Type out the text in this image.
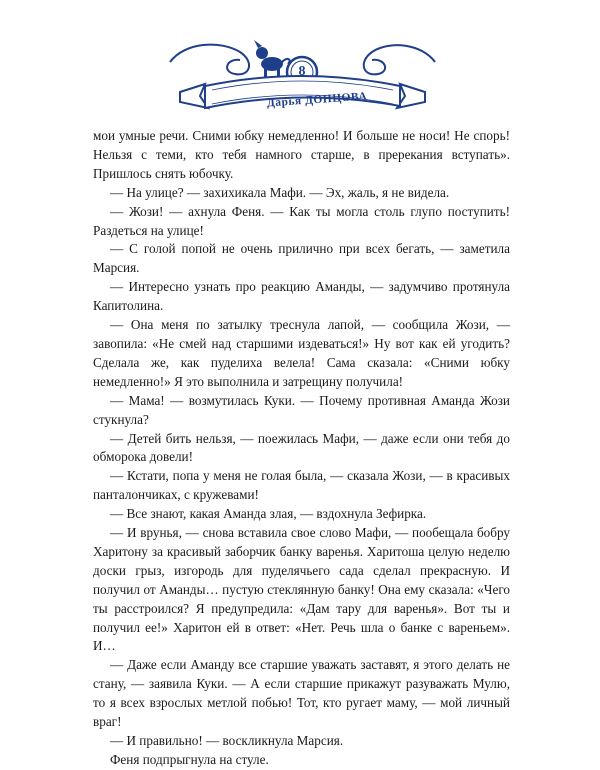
8
Дарья ДОНЦОВА

мои умные речи. Сними юбку немедленно! И больше не носи! Не спорь! Нельзя с теми, кто тебя намного старше, в пререкания вступать». Пришлось снять юбочку.

— На улице? — захихикала Мафи. — Эх, жаль, я не видела.

— Жози! — ахнула Феня. — Как ты могла столь глупо поступить! Раздеться на улице!

— С голой попой не очень прилично при всех бегать, — заметила Марсия.

— Интересно узнать про реакцию Аманды, — задумчиво протянула Капитолина.

— Она меня по затылку треснула лапой, — сообщила Жози, — завопила: «Не смей над старшими издеваться!» Ну вот как ей угодить? Сделала же, как пуделиха велела! Сама сказала: «Сними юбку немедленно!» Я это выполнила и затрещину получила!

— Мама! — возмутилась Куки. — Почему противная Аманда Жози стукнула?

— Детей бить нельзя, — поежилась Мафи, — даже если они тебя до обморока довели!

— Кстати, попа у меня не голая была, — сказала Жози, — в красивых панталончиках, с кружевами!

— Все знают, какая Аманда злая, — вздохнула Зефирка.

— И врунья, — снова вставила свое слово Мафи, — пообещала бобру Харитону за красивый заборчик банку варенья. Харитоша целую неделю доски грыз, изгородь для пуделячьего сада сделал прекрасную. И получил от Аманды… пустую стеклянную банку! Она ему сказала: «Чего ты расстроился? Я предупредила: «Дам тару для варенья». Вот ты и получил ее!» Харитон ей в ответ: «Нет. Речь шла о банке с вареньем». И…

— Даже если Аманду все старшие уважать заставят, я этого делать не стану, — заявила Куки. — А если старшие прикажут разуважать Мулю, то я всех взрослых метлой побью! Тот, кто ругает маму, — мой личный враг!

— И правильно! — воскликнула Марсия.

Феня подпрыгнула на стуле.
